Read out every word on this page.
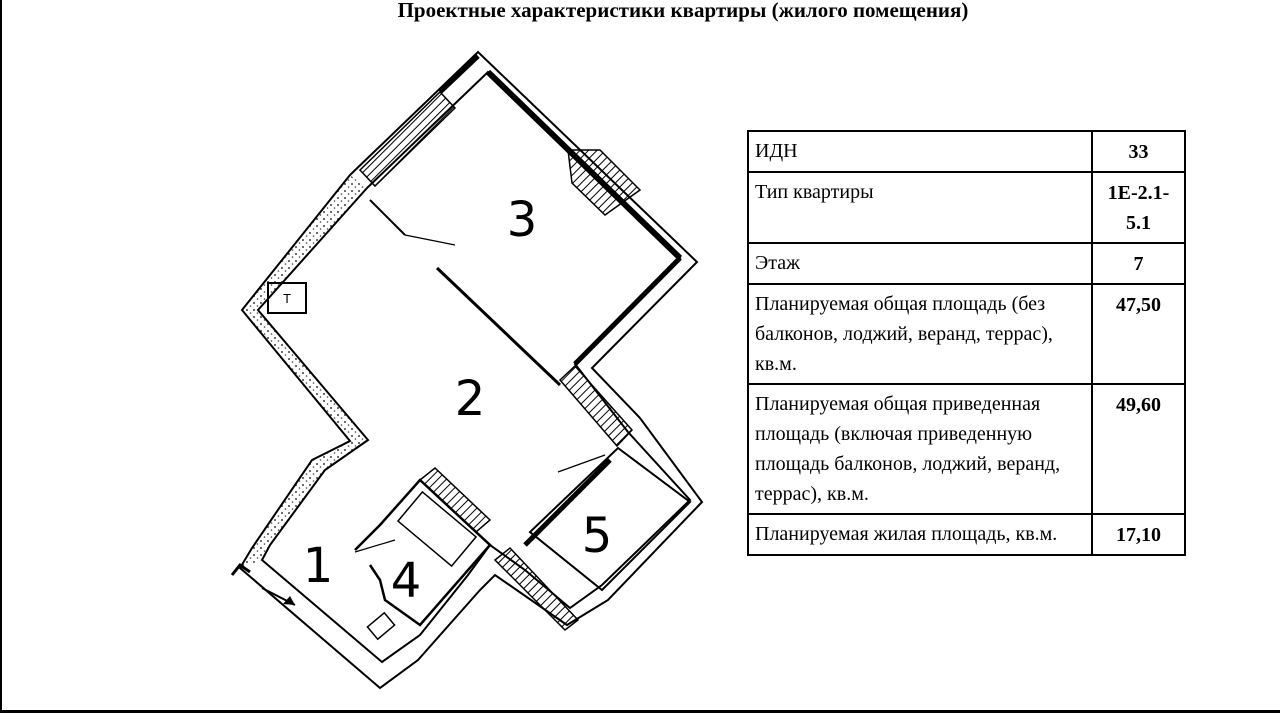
Проектные характеристики квартиры (жилого помещения)
Т
1
2
3
4
5
ИДН	33
Тип квартиры	1Е-2.1-5.1
Этаж	7
Планируемая общая площадь (без балконов, лоджий, веранд, террас), кв.м.	47,50
Планируемая общая приведенная площадь (включая приведенную площадь балконов, лоджий, веранд, террас), кв.м.	49,60
Планируемая жилая площадь, кв.м.	17,10
